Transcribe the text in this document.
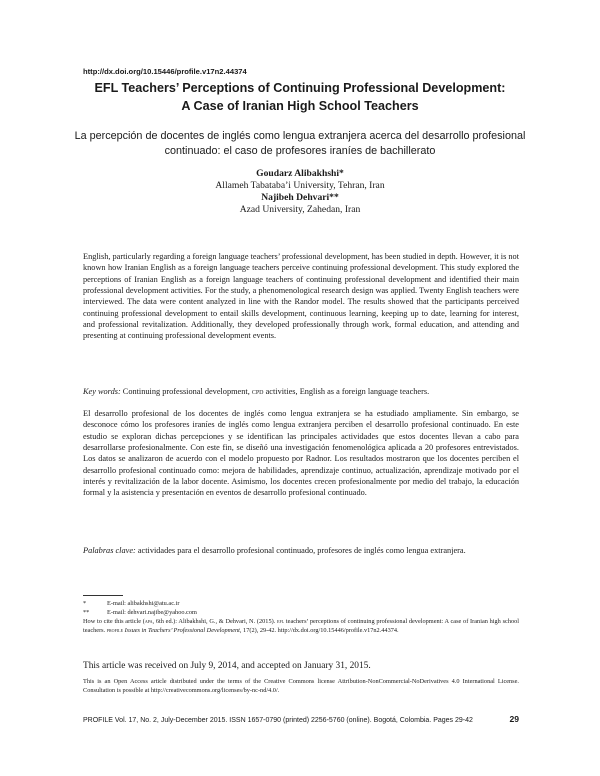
http://dx.doi.org/10.15446/profile.v17n2.44374
EFL Teachers’ Perceptions of Continuing Professional Development:
A Case of Iranian High School Teachers
La percepción de docentes de inglés como lengua extranjera acerca del desarrollo profesional continuado: el caso de profesores iraníes de bachillerato
Goudarz Alibakhshi*
Allameh Tabataba’i University, Tehran, Iran
Najibeh Dehvari**
Azad University, Zahedan, Iran

English, particularly regarding a foreign language teachers’ professional development, has been studied in depth. However, it is not known how Iranian English as a foreign language teachers perceive continuing professional development. This study explored the perceptions of Iranian English as a foreign language teachers of continuing professional development and identified their main professional development activities. For the study, a phenomenological research design was applied. Twenty English teachers were interviewed. The data were content analyzed in line with the Randor model. The results showed that the participants perceived continuing professional development to entail skills development, continuous learning, keeping up to date, learning for interest, and professional revitalization. Additionally, they developed professionally through work, formal education, and attending and presenting at continuing professional development events.

Key words: Continuing professional development, cpd activities, English as a foreign language teachers.

El desarrollo profesional de los docentes de inglés como lengua extranjera se ha estudiado ampliamente. Sin embargo, se desconoce cómo los profesores iraníes de inglés como lengua extranjera perciben el desarrollo profesional continuado. En este estudio se exploran dichas percepciones y se identifican las principales actividades que estos docentes llevan a cabo para desarrollarse profesionalmente. Con este fin, se diseñó una investigación fenomenológica aplicada a 20 profesores entrevistados. Los datos se analizaron de acuerdo con el modelo propuesto por Radnor. Los resultados mostraron que los docentes perciben el desarrollo profesional continuado como: mejora de habilidades, aprendizaje continuo, actualización, aprendizaje motivado por el interés y revitalización de la labor docente. Asimismo, los docentes crecen profesionalmente por medio del trabajo, la educación formal y la asistencia y presentación en eventos de desarrollo profesional continuado.

Palabras clave: actividades para el desarrollo profesional continuado, profesores de inglés como lengua extranjera.

*	E-mail: alibakhshi@atu.ac.ir
**	E-mail: dehvari.najibe@yahoo.com
How to cite this article (apa, 6th ed.): Alibakhshi, G., & Dehvari, N. (2015). efl teachers’ perceptions of continuing professional development: A case of Iranian high school teachers. profile Issues in Teachers’ Professional Development, 17(2), 29-42. http://dx.doi.org/10.15446/profile.v17n2.44374.
This article was received on July 9, 2014, and accepted on January 31, 2015.
This is an Open Access article distributed under the terms of the Creative Commons license Attribution-NonCommercial-NoDerivatives 4.0 International License. Consultation is possible at http://creativecommons.org/licenses/by-nc-nd/4.0/.
PROFILE Vol. 17, No. 2, July-December 2015. ISSN 1657-0790 (printed) 2256-5760 (online). Bogotá, Colombia. Pages 29-42	29
